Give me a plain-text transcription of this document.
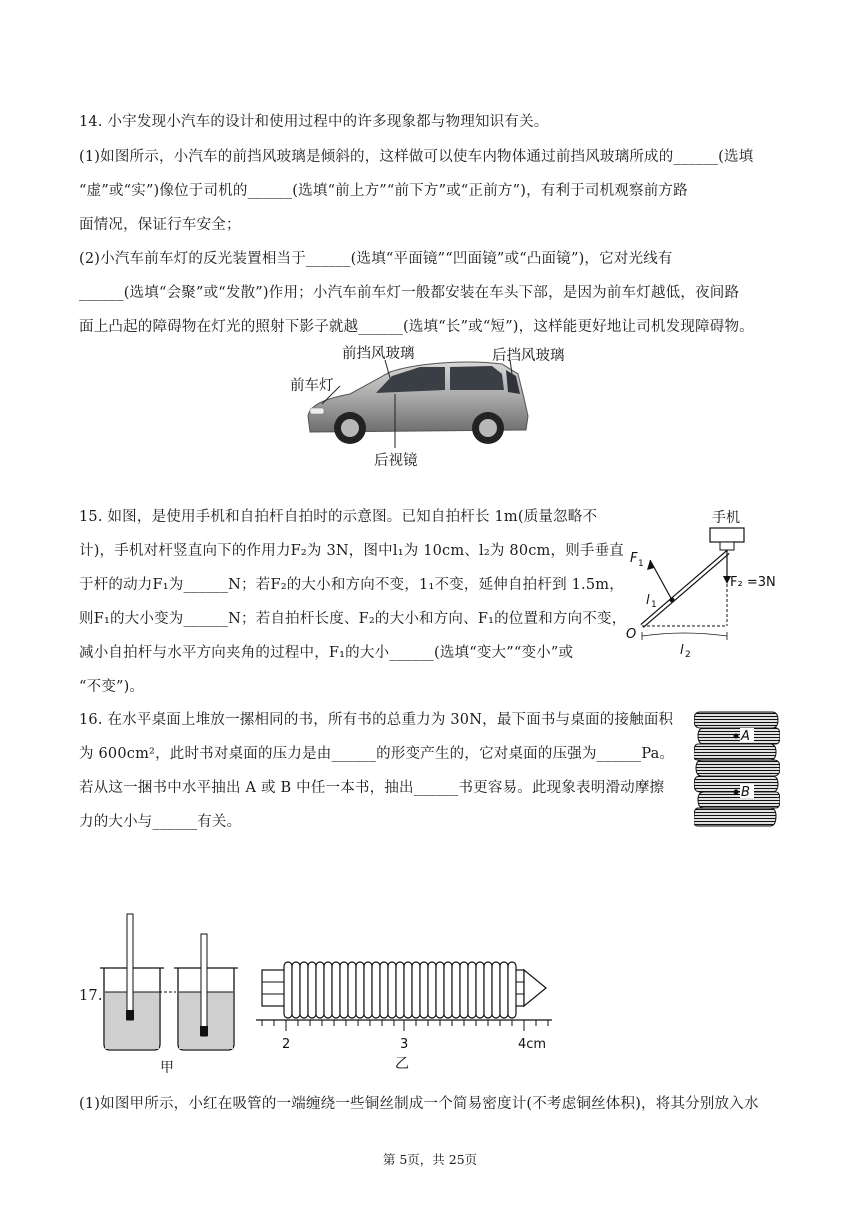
14. 小宇发现小汽车的设计和使用过程中的许多现象都与物理知识有关。
(1)如图所示，小汽车的前挡风玻璃是倾斜的，这样做可以使车内物体通过前挡风玻璃所成的______(选填
“虚”或“实”)像位于司机的______(选填“前上方”“前下方”或“正前方”)，有利于司机观察前方路
面情况，保证行车安全；
(2)小汽车前车灯的反光装置相当于______(选填“平面镜”“凹面镜”或“凸面镜”)，它对光线有
______(选填“会聚”或“发散”)作用；小汽车前车灯一般都安装在车头下部，是因为前车灯越低，夜间路
面上凸起的障碍物在灯光的照射下影子就越______(选填“长”或“短”)，这样能更好地让司机发现障碍物。
前挡风玻璃	后挡风玻璃
前车灯
后视镜
15. 如图，是使用手机和自拍杆自拍时的示意图。已知自拍杆长 1m(质量忽略不
计)，手机对杆竖直向下的作用力F₂为 3N，图中l₁为 10cm、l₂为 80cm，则手垂直
于杆的动力F₁为______N；若F₂的大小和方向不变，1₁不变，延伸自拍杆到 1.5m，
则F₁的大小变为______N；若自拍杆长度、F₂的大小和方向、F₁的位置和方向不变，
减小自拍杆与水平方向夹角的过程中，F₁的大小______(选填“变大”“变小”或
“不变”)。
手机
F 1
F₂ =3N
l 1
O
l 2
16. 在水平桌面上堆放一摞相同的书，所有书的总重力为 30N，最下面书与桌面的接触面积
为 600cm²，此时书对桌面的压力是由______的形变产生的，它对桌面的压强为______Pa。
若从这一捆书中水平抽出 A 或 B 中任一本书，抽出______书更容易。此现象表明滑动摩擦
力的大小与______有关。
A
B
17.
甲
2	3	4cm
乙
(1)如图甲所示，小红在吸管的一端缠绕一些铜丝制成一个简易密度计(不考虑铜丝体积)，将其分别放入水
第 5页，共 25页
